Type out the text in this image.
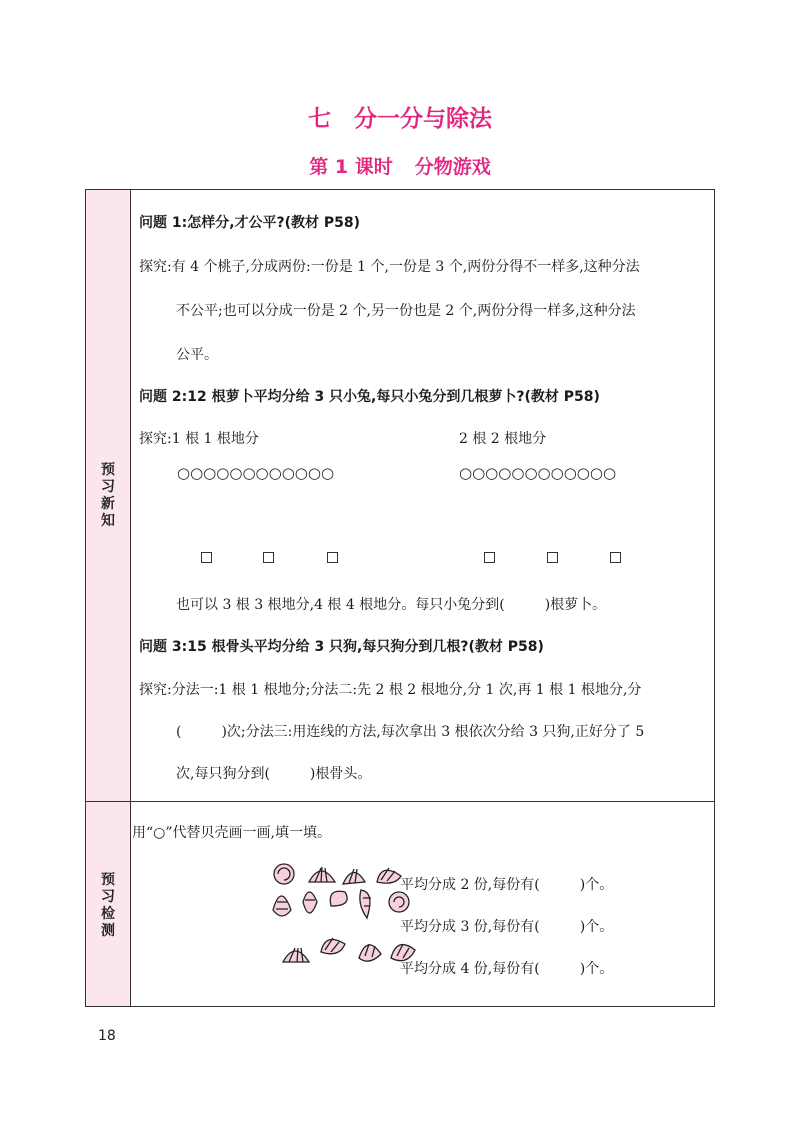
七　分一分与除法
第 1 课时 分物游戏
预
习
新
知
问题 1:怎样分,才公平?(教材 P58)
探究:有 4 个桃子,分成两份:一份是 1 个,一份是 3 个,两份分得不一样多,这种分法
不公平;也可以分成一份是 2 个,另一份也是 2 个,两份分得一样多,这种分法
公平。
问题 2:12 根萝卜平均分给 3 只小兔,每只小兔分到几根萝卜?(教材 P58)
探究:1 根 1 根地分	2 根 2 根地分
○○○○○○○○○○○○	○○○○○○○○○○○○
也可以 3 根 3 根地分,4 根 4 根地分。每只小兔分到(	)根萝卜。
问题 3:15 根骨头平均分给 3 只狗,每只狗分到几根?(教材 P58)
探究:分法一:1 根 1 根地分;分法二:先 2 根 2 根地分,分 1 次,再 1 根 1 根地分,分
(	)次;分法三:用连线的方法,每次拿出 3 根依次分给 3 只狗,正好分了 5
次,每只狗分到(	)根骨头。
预
习
检
测
用“○”代替贝壳画一画,填一填。
平均分成 2 份,每份有(	)个。
平均分成 3 份,每份有(	)个。
平均分成 4 份,每份有(	)个。
18
